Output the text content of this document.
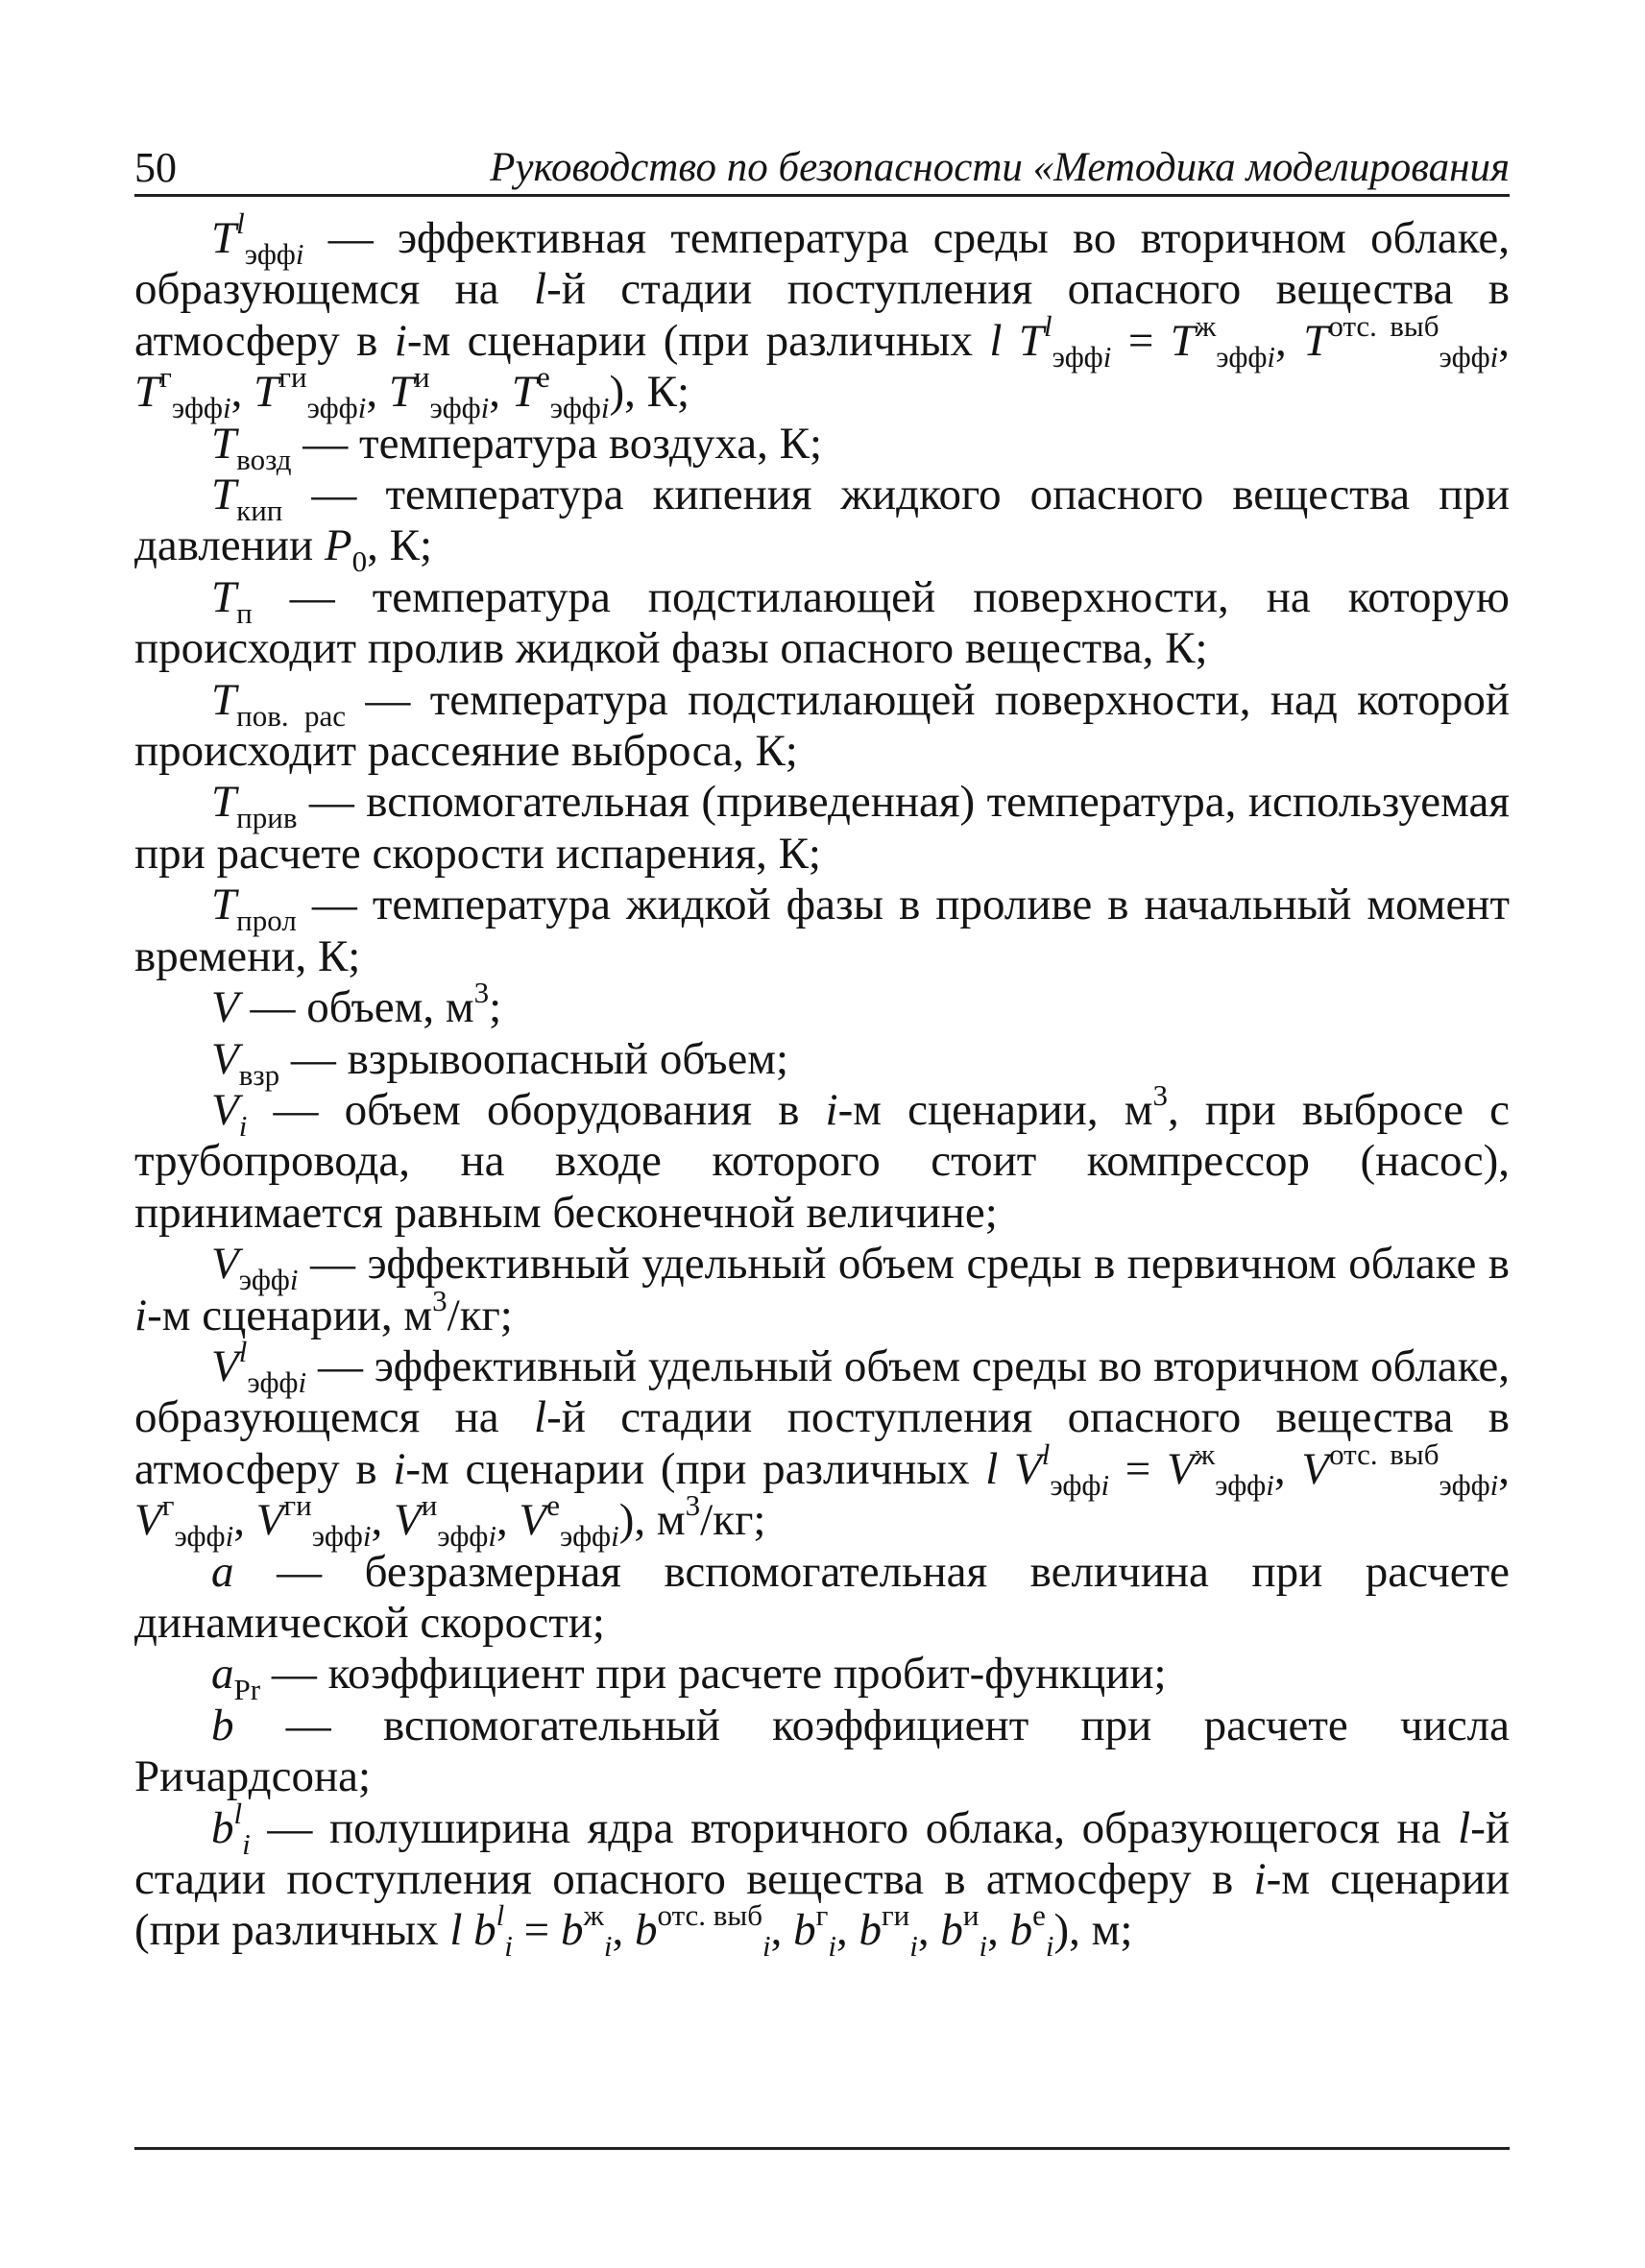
50	Руководство по безопасности «Методика моделирования

$T^l_{эффi}$ — эффективная температура среды во вторичном облаке, образующемся на l-й стадии поступления опасного вещества в атмосферу в i-м сценарии (при различных l $T^l_{эффi} = T^ж_{эффi}$, $T^{отс. выб}_{эффi}$, $T^г_{эффi}$, $T^{ги}_{эффi}$, $T^и_{эффi}$, $T^е_{эффi}$), К;

$T_{возд}$ — температура воздуха, К;

$T_{кип}$ — температура кипения жидкого опасного вещества при давлении $P_0$, К;

$T_п$ — температура подстилающей поверхности, на которую происходит пролив жидкой фазы опасного вещества, К;

$T_{пов. рас}$ — температура подстилающей поверхности, над которой происходит рассеяние выброса, К;

$T_{прив}$ — вспомогательная (приведенная) температура, используемая при расчете скорости испарения, К;

$T_{прол}$ — температура жидкой фазы в проливе в начальный момент времени, К;

V — объем, $м^3$;

$V_{взр}$ — взрывоопасный объем;

$V_i$ — объем оборудования в i-м сценарии, $м^3$, при выбросе с трубопровода, на входе которого стоит компрессор (насос), принимается равным бесконечной величине;

$V_{эффi}$ — эффективный удельный объем среды в первичном облаке в i-м сценарии, $м^3/кг$;

$V^l_{эффi}$ — эффективный удельный объем среды во вторичном облаке, образующемся на l-й стадии поступления опасного вещества в атмосферу в i-м сценарии (при различных l $V^l_{эффi} = V^ж_{эффi}$, $V^{отс. выб}_{эффi}$, $V^г_{эффi}$, $V^{ги}_{эффi}$, $V^и_{эффi}$, $V^е_{эффi}$), $м^3/кг$;

a — безразмерная вспомогательная величина при расчете динамической скорости;

$a_{Pr}$ — коэффициент при расчете пробит-функции;

b — вспомогательный коэффициент при расчете числа Ричардсона;

$b^l_i$ — полуширина ядра вторичного облака, образующегося на l-й стадии поступления опасного вещества в атмосферу в i-м сценарии (при различных l $b^l_i = b^ж_i$, $b^{отс. выб}_i$, $b^г_i$, $b^{ги}_i$, $b^и_i$, $b^е_i$), м;
